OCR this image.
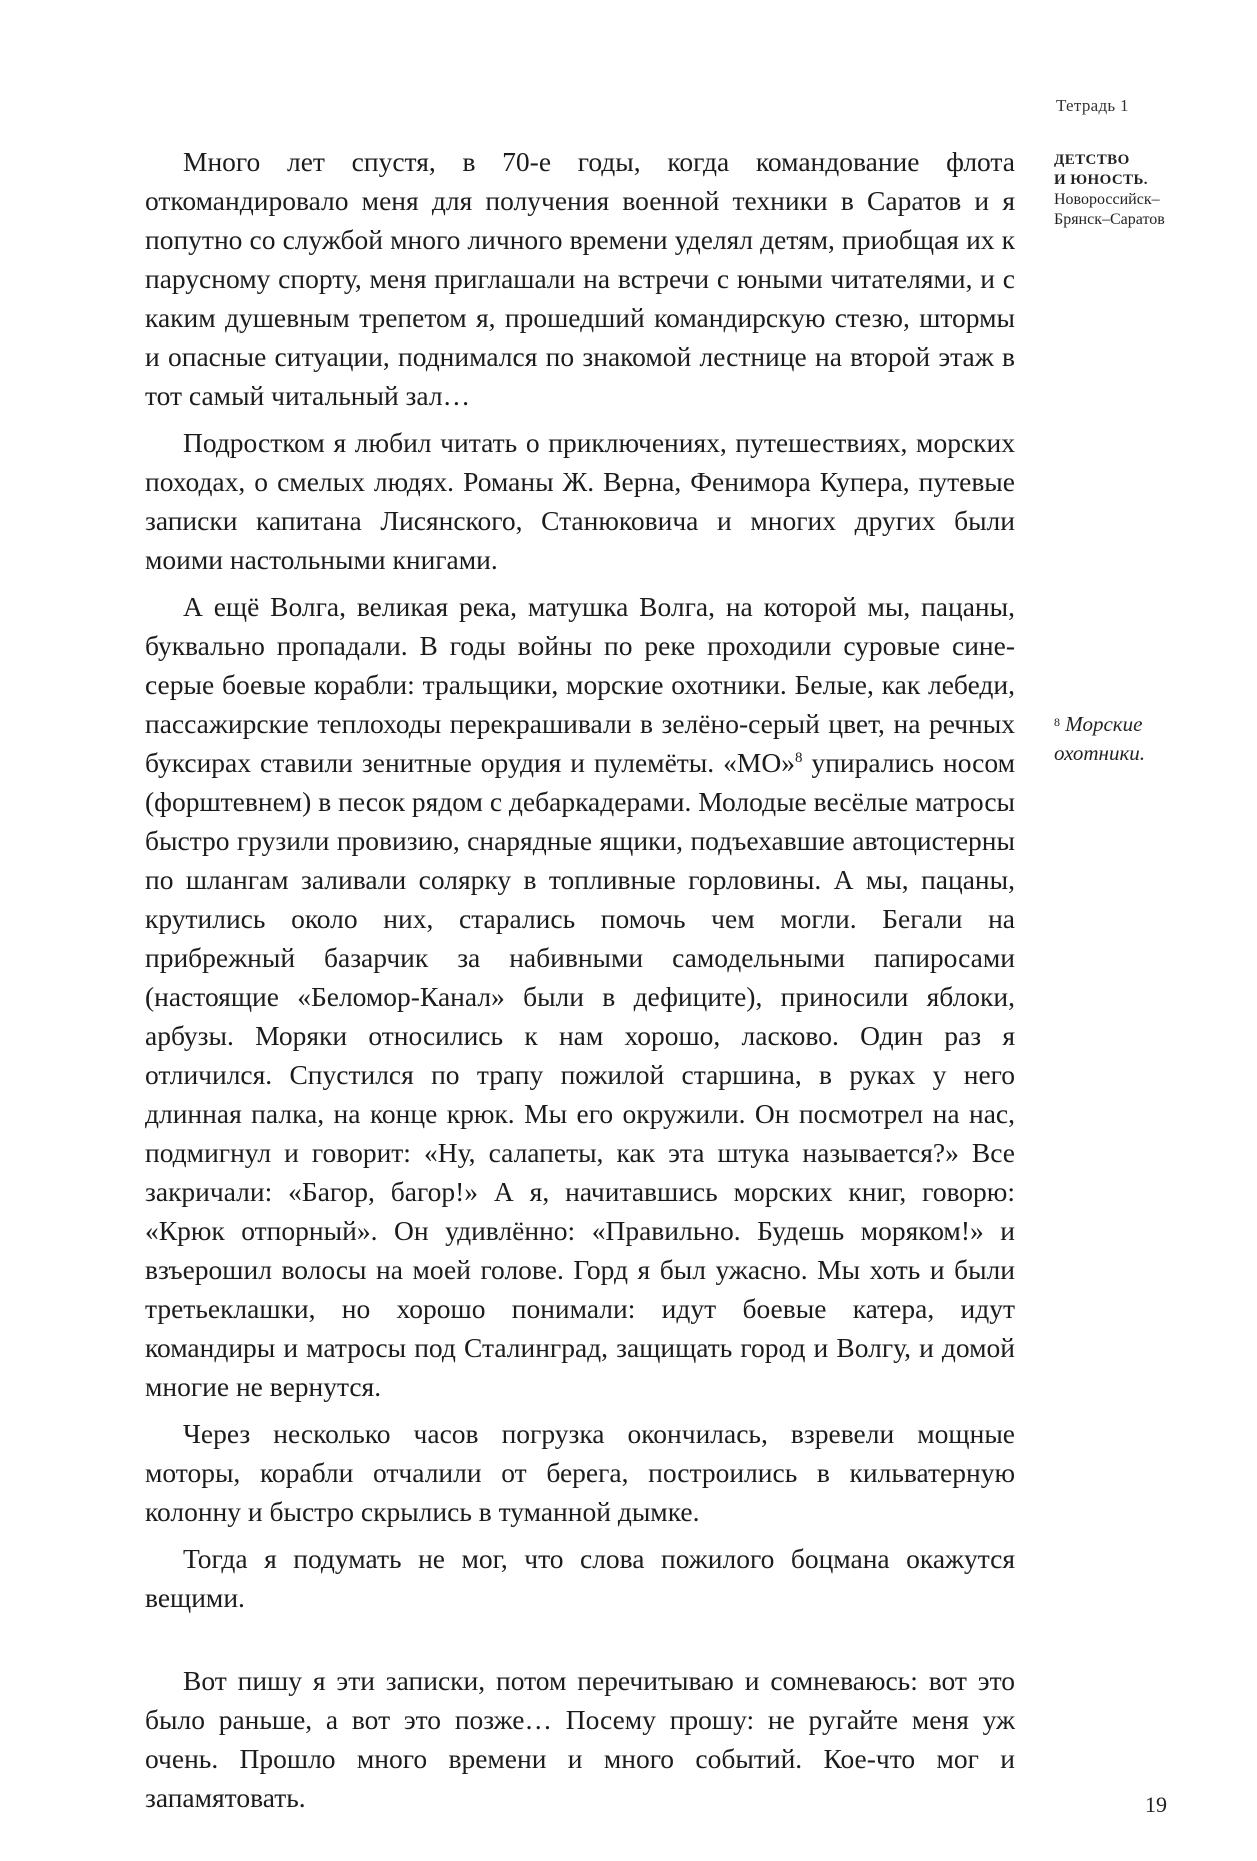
Тетрадь 1
ДЕТСТВО
И ЮНОСТЬ.
Новороссийск–
Брянск–Саратов
$^8$ Морские
охотники.

Много лет спустя, в 70-е годы, когда командование флота откомандировало меня для получения военной техники в Саратов и я попутно со службой много личного времени уделял детям, приобщая их к парусному спорту, меня приглашали на встречи с юными читателями, и с каким душевным трепетом я, прошедший командирскую стезю, штормы и опасные ситуации, поднимался по знакомой лестнице на второй этаж в тот самый читальный зал…

Подростком я любил читать о приключениях, путешествиях, морских походах, о смелых людях. Романы Ж. Верна, Фенимора Купера, путевые записки капитана Лисянского, Станюковича и многих других были моими настольными книгами.

А ещё Волга, великая река, матушка Волга, на которой мы, пацаны, буквально пропадали. В годы войны по реке проходили суровые сине-серые боевые корабли: тральщики, морские охотники. Белые, как лебеди, пассажирские теплоходы перекрашивали в зелёно-серый цвет, на речных буксирах ставили зенитные орудия и пулемёты. «МО»$^8$ упирались носом (форштевнем) в песок рядом с дебаркадерами. Молодые весёлые матросы быстро грузили провизию, снарядные ящики, подъехавшие автоцистерны по шлангам заливали солярку в топливные горловины. А мы, пацаны, крутились около них, старались помочь чем могли. Бегали на прибрежный базарчик за набивными самодельными папиросами (настоящие «Беломор-Канал» были в дефиците), приносили яблоки, арбузы. Моряки относились к нам хорошо, ласково. Один раз я отличился. Спустился по трапу пожилой старшина, в руках у него длинная палка, на конце крюк. Мы его окружили. Он посмотрел на нас, подмигнул и говорит: «Ну, салапеты, как эта штука называется?» Все закричали: «Багор, багор!» А я, начитавшись морских книг, говорю: «Крюк отпорный». Он удивлённо: «Правильно. Будешь моряком!» и взъерошил волосы на моей голове. Горд я был ужасно. Мы хоть и были третьеклашки, но хорошо понимали: идут боевые катера, идут командиры и матросы под Сталинград, защищать город и Волгу, и домой многие не вернутся.

Через несколько часов погрузка окончилась, взревели мощные моторы, корабли отчалили от берега, построились в кильватерную колонну и быстро скрылись в туманной дымке.

Тогда я подумать не мог, что слова пожилого боцмана окажутся вещими.

Вот пишу я эти записки, потом перечитываю и сомневаюсь: вот это было раньше, а вот это позже… Посему прошу: не ругайте меня уж очень. Прошло много времени и много событий. Кое-что мог и запамятовать.	19
